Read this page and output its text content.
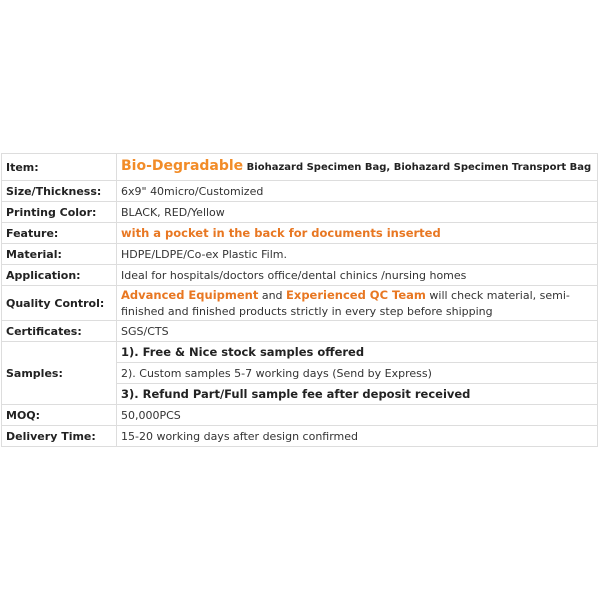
Item:	Bio-Degradable Biohazard Specimen Bag, Biohazard Specimen Transport Bag
Size/Thickness:	6x9" 40micro/Customized
Printing Color:	BLACK, RED/Yellow
Feature:	with a pocket in the back for documents inserted
Material:	HDPE/LDPE/Co-ex Plastic Film.
Application:	Ideal for hospitals/doctors office/dental chinics /nursing homes
Quality Control:	Advanced Equipment and Experienced QC Team will check material, semi-finished and finished products strictly in every step before shipping
Certificates:	SGS/CTS
Samples:	1). Free & Nice stock samples offered
	2). Custom samples 5-7 working days (Send by Express)
	3). Refund Part/Full sample fee after deposit received
MOQ:	50,000PCS
Delivery Time:	15-20 working days after design confirmed
